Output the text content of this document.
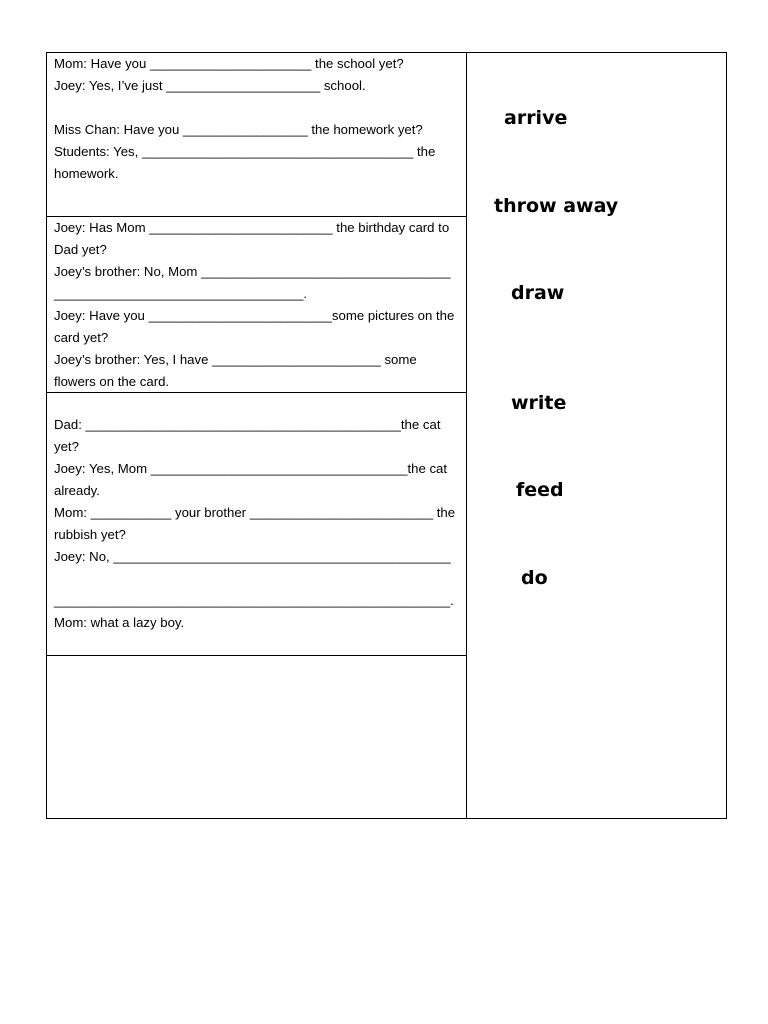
Mom: Have you ______________________ the school yet?
Joey: Yes, I’ve just _____________________ school.
Miss Chan: Have you _________________ the homework yet?
Students: Yes, _____________________________________ the homework.
Joey: Has Mom _________________________ the birthday card to Dad yet?
Joey’s brother: No, Mom __________________________________ __________________________________.
Joey: Have you _________________________some pictures on the card yet?
Joey’s brother: Yes, I have _______________________ some flowers on the card.
Dad: ___________________________________________the cat yet?
Joey: Yes, Mom ___________________________________the cat already.
Mom: ___________ your brother _________________________ the rubbish yet?
Joey: No, ______________________________________________
______________________________________________________.
Mom: what a lazy boy.
arrive
throw away
draw
write
feed
do
